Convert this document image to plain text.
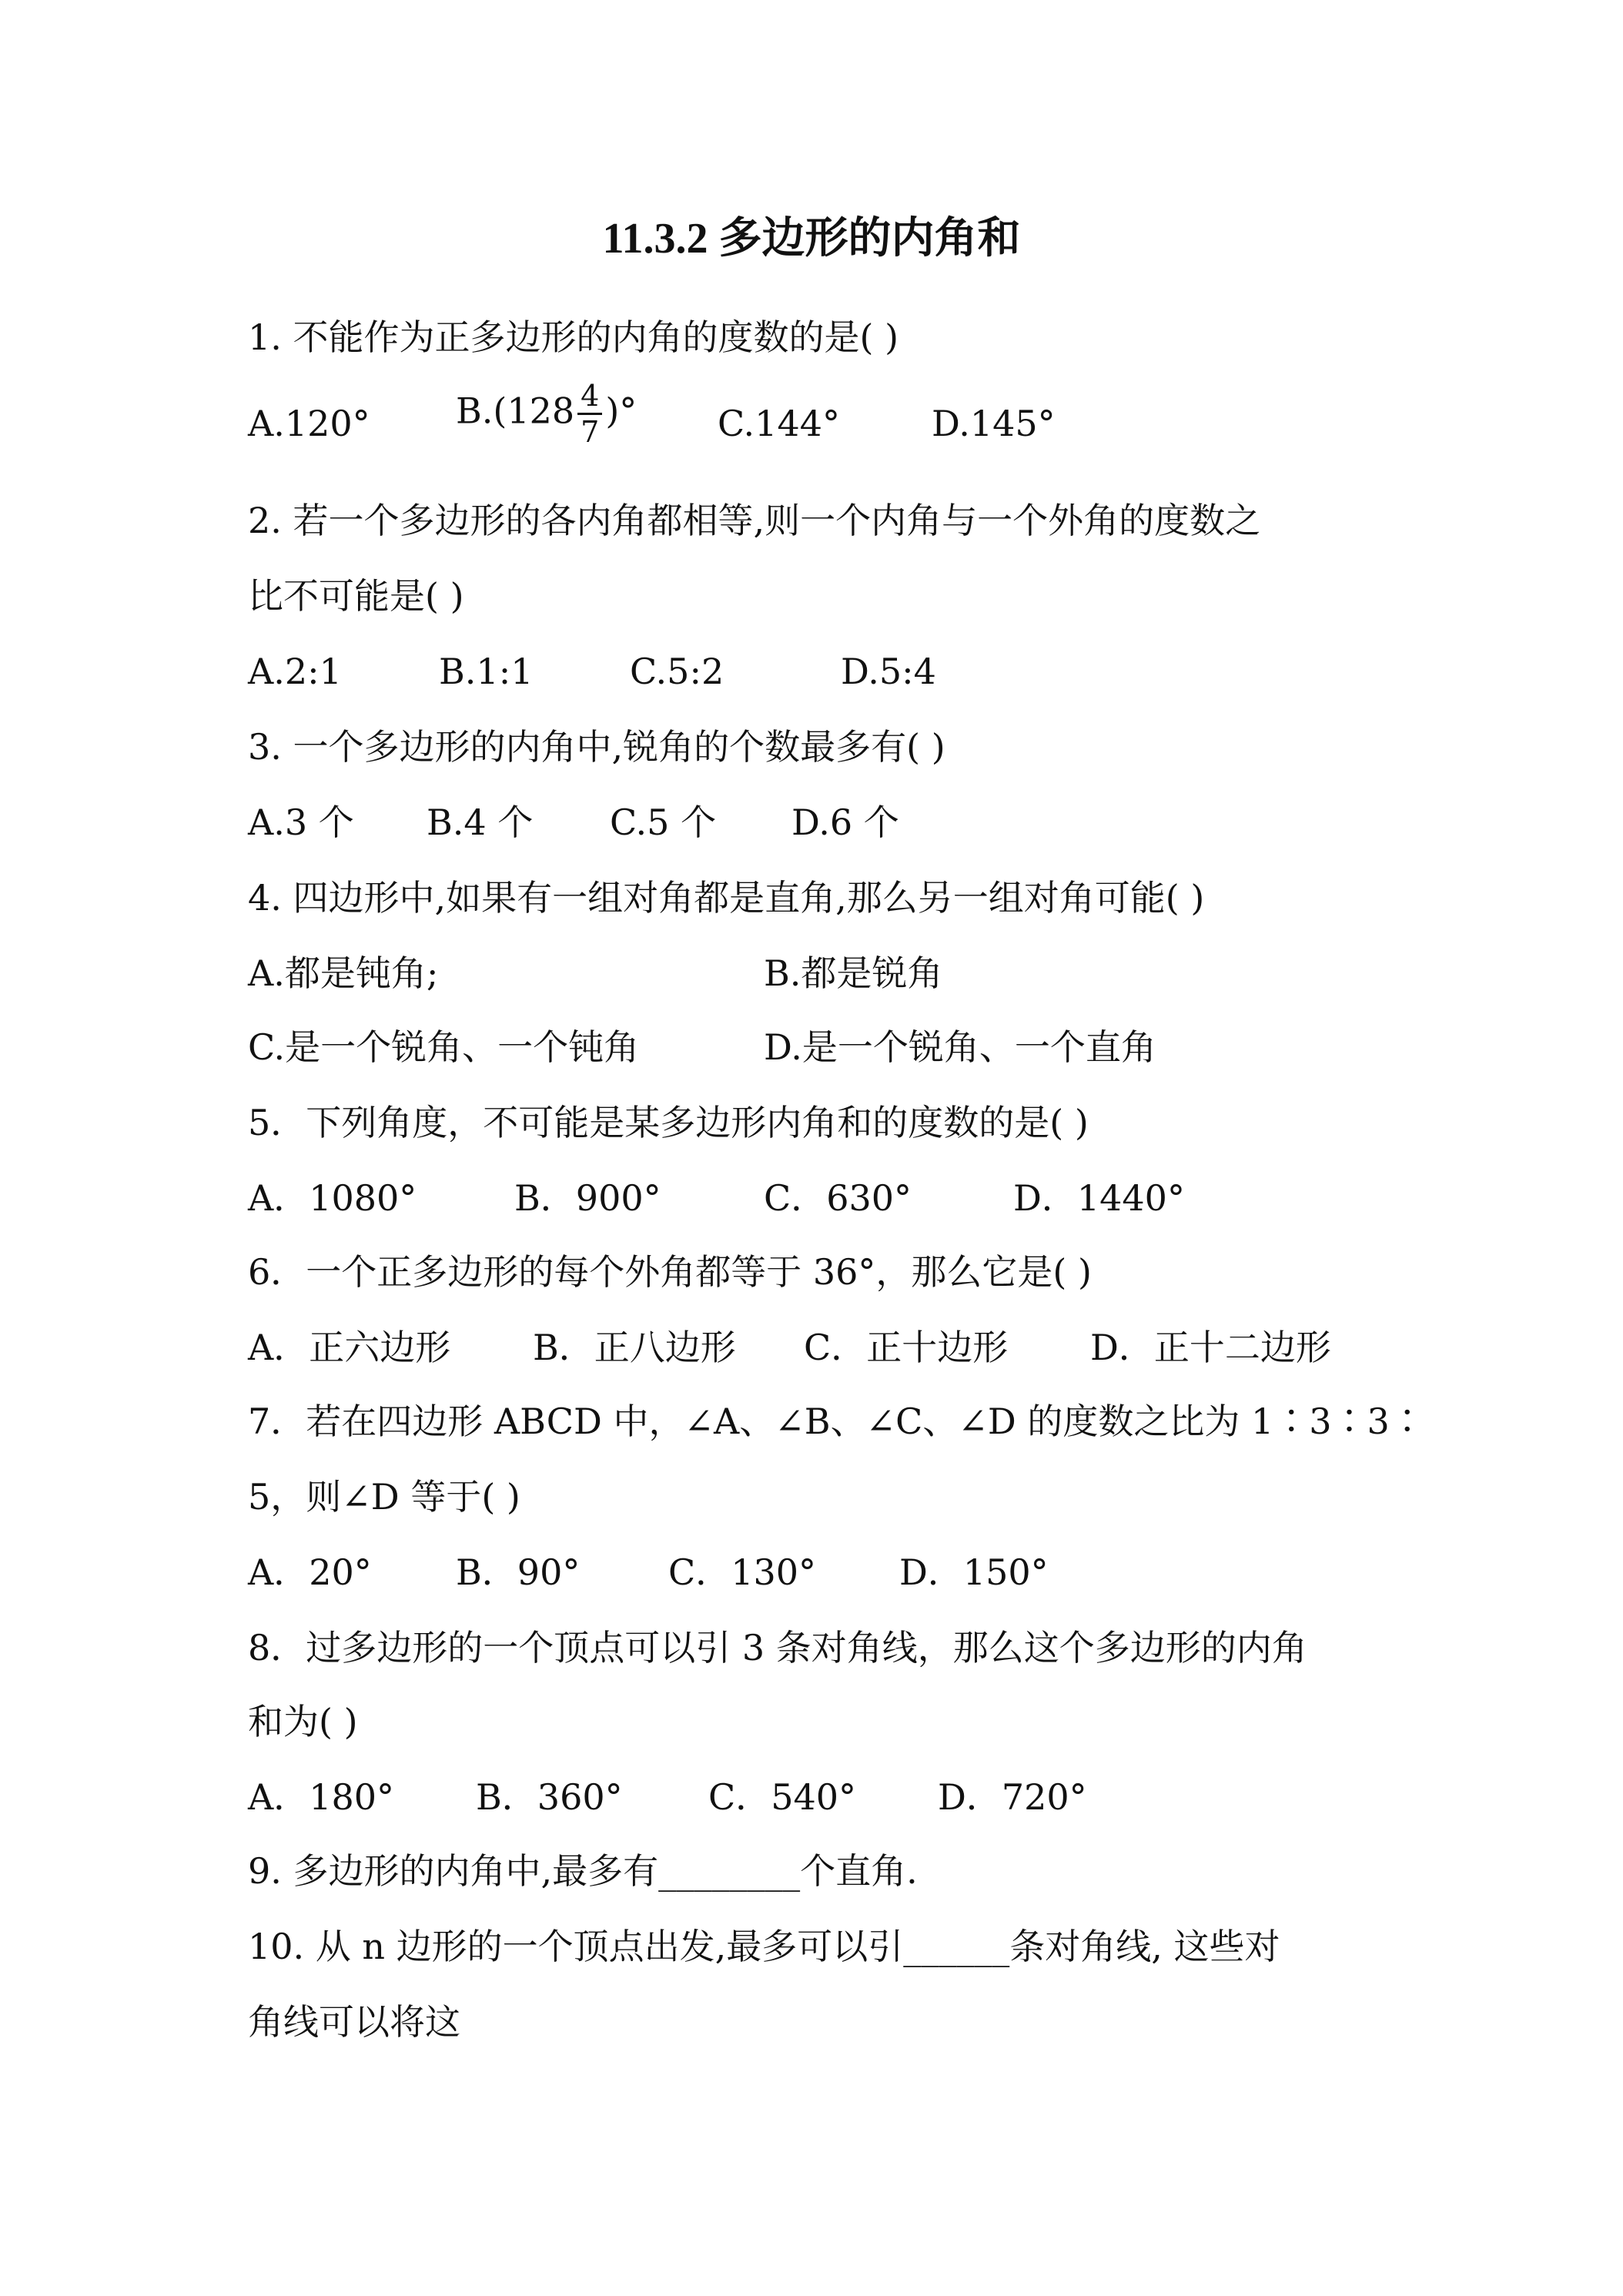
11.3.2 多边形的内角和

1. 不能作为正多边形的内角的度数的是( )

A.120° $B.(128 \frac{4}{7}$ )° C.144°	D.145°

2. 若一个多边形的各内角都相等,则一个内角与一个外角的度数之

比不可能是( )

A.2:1	B.1:1	C.5:2	D.5:4

3. 一个多边形的内角中,锐角的个数最多有( )

A.3 个 B.4 个 C.5 个 D.6 个

4. 四边形中,如果有一组对角都是直角,那么另一组对角可能( )

A.都是钝角;	B.都是锐角
C.是一个锐角、一个钝角	D.是一个锐角、一个直角

5．下列角度，不可能是某多边形内角和的度数的是( )

A．1080°	B．900°	C．630°	D．1440°

6．一个正多边形的每个外角都等于 36°，那么它是( )

A．正六边形 B．正八边形 C．正十边形 D．正十二边形

7．若在四边形 ABCD 中，∠A、∠B、∠C、∠D 的度数之比为 1∶3∶3∶

5，则∠D 等于( )

A．20° B．90° C．130° D．150°

8．过多边形的一个顶点可以引 3 条对角线，那么这个多边形的内角

和为( )

A．180° B．360° C．540° D．720°

9. 多边形的内角中,最多有________个直角.

10. 从 n 边形的一个顶点出发,最多可以引______条对角线, 这些对

角线可以将这
